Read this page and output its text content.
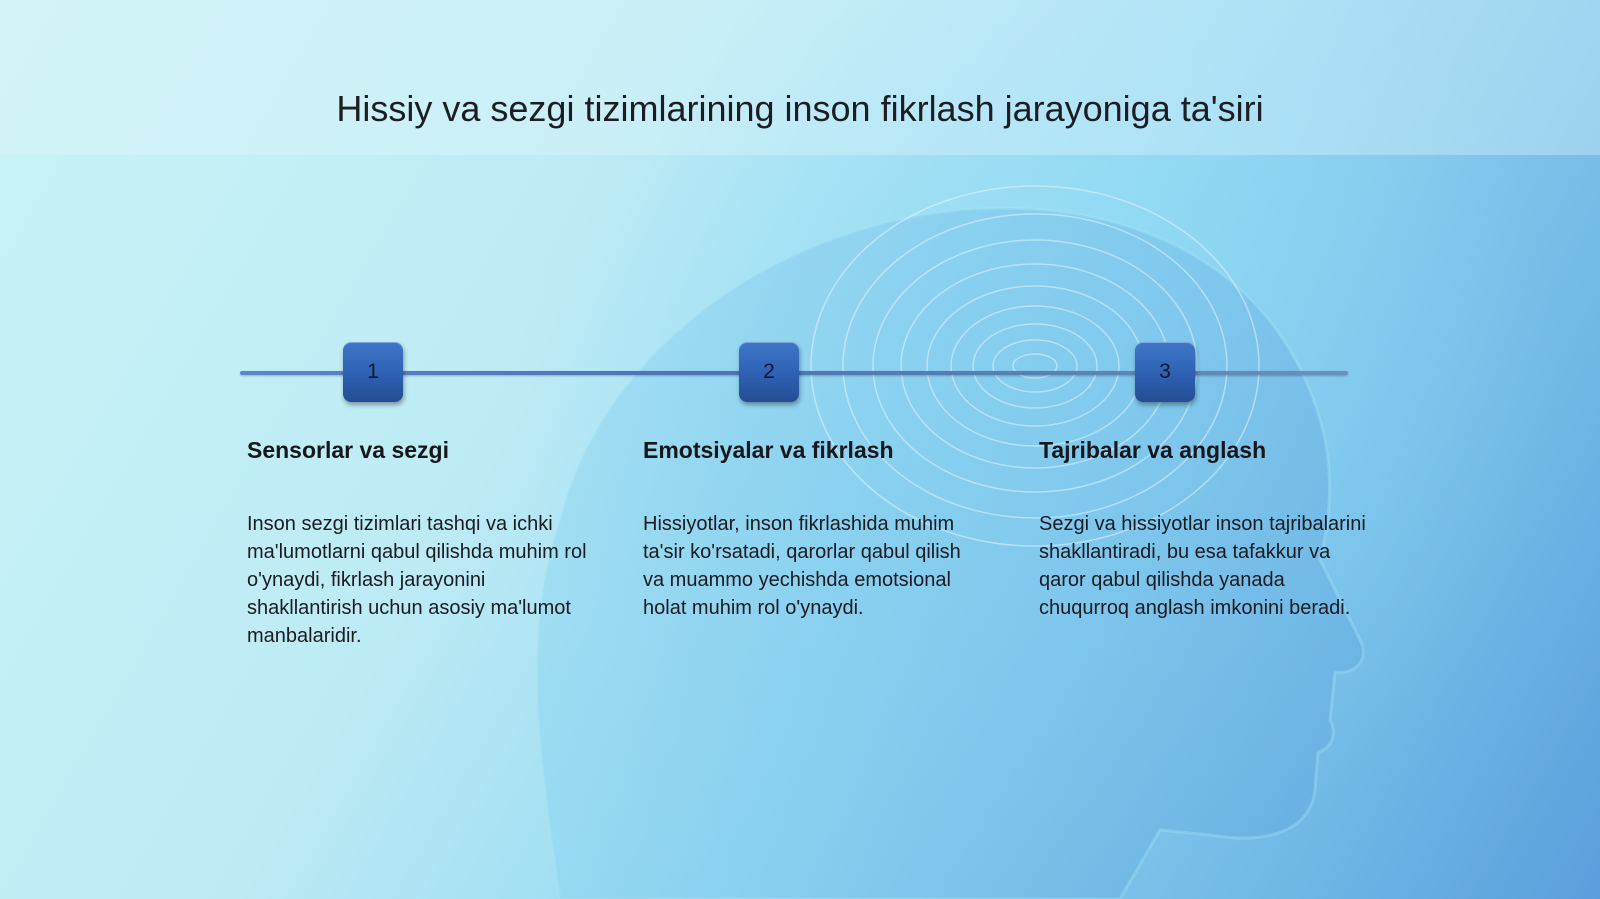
Hissiy va sezgi tizimlarining inson fikrlash jarayoniga ta'siri
1	2	3
Sensorlar va sezgi

Inson sezgi tizimlari tashqi va ichki ma'lumotlarni qabul qilishda muhim rol o'ynaydi, fikrlash jarayonini shakllantirish uchun asosiy ma'lumot manbalaridir.

Emotsiyalar va fikrlash

Hissiyotlar, inson fikrlashida muhim ta'sir ko'rsatadi, qarorlar qabul qilish va muammo yechishda emotsional holat muhim rol o'ynaydi.

Tajribalar va anglash

Sezgi va hissiyotlar inson tajribalarini shakllantiradi, bu esa tafakkur va qaror qabul qilishda yanada chuqurroq anglash imkonini beradi.
